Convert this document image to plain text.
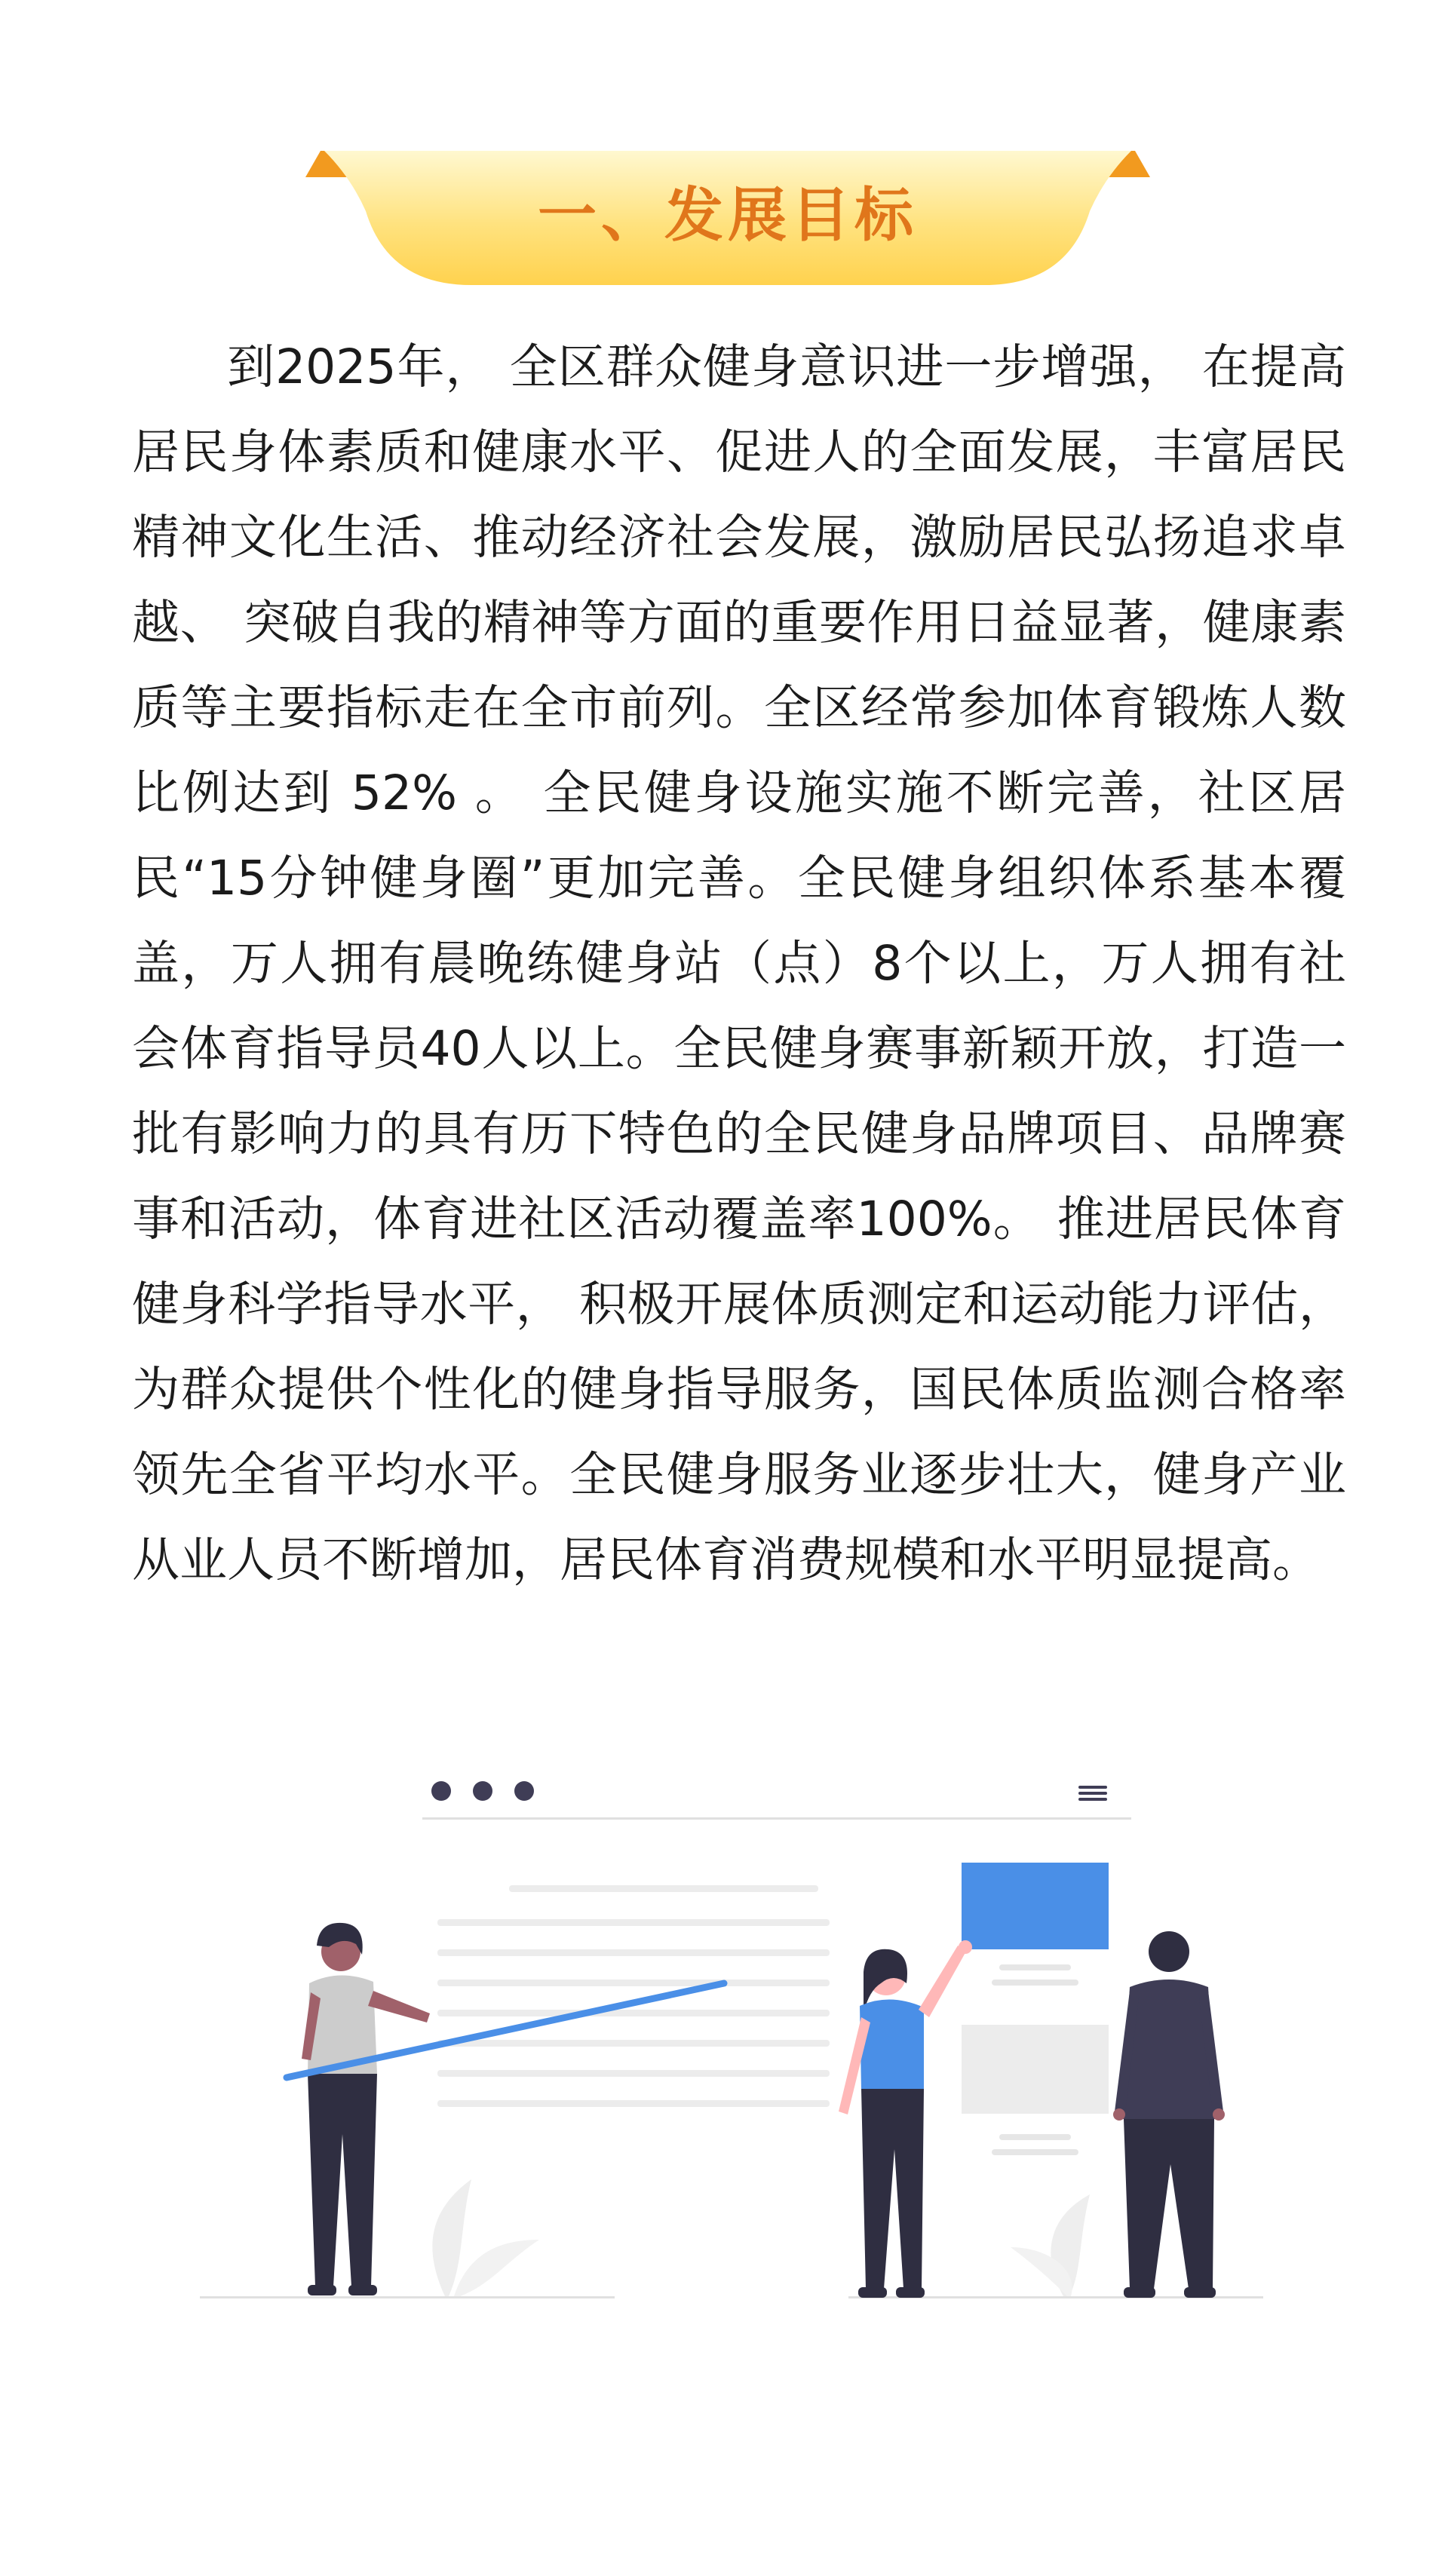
一、发展目标

到2025年， 全区群众健身意识进一步增强， 在提高居民身体素质和健康水平、促进人的全面发展，丰富居民精神文化生活、推动经济社会发展，激励居民弘扬追求卓越、 突破自我的精神等方面的重要作用日益显著，健康素质等主要指标走在全市前列。全区经常参加体育锻炼人数比例达到 52% 。 全民健身设施实施不断完善，社区居民“15分钟健身圈”更加完善。全民健身组织体系基本覆盖，万人拥有晨晚练健身站（点）8个以上，万人拥有社会体育指导员40人以上。全民健身赛事新颖开放，打造一批有影响力的具有历下特色的全民健身品牌项目、品牌赛事和活动，体育进社区活动覆盖率100%。 推进居民体育健身科学指导水平， 积极开展体质测定和运动能力评估，为群众提供个性化的健身指导服务，国民体质监测合格率领先全省平均水平。全民健身服务业逐步壮大，健身产业从业人员不断增加，居民体育消费规模和水平明显提高。
